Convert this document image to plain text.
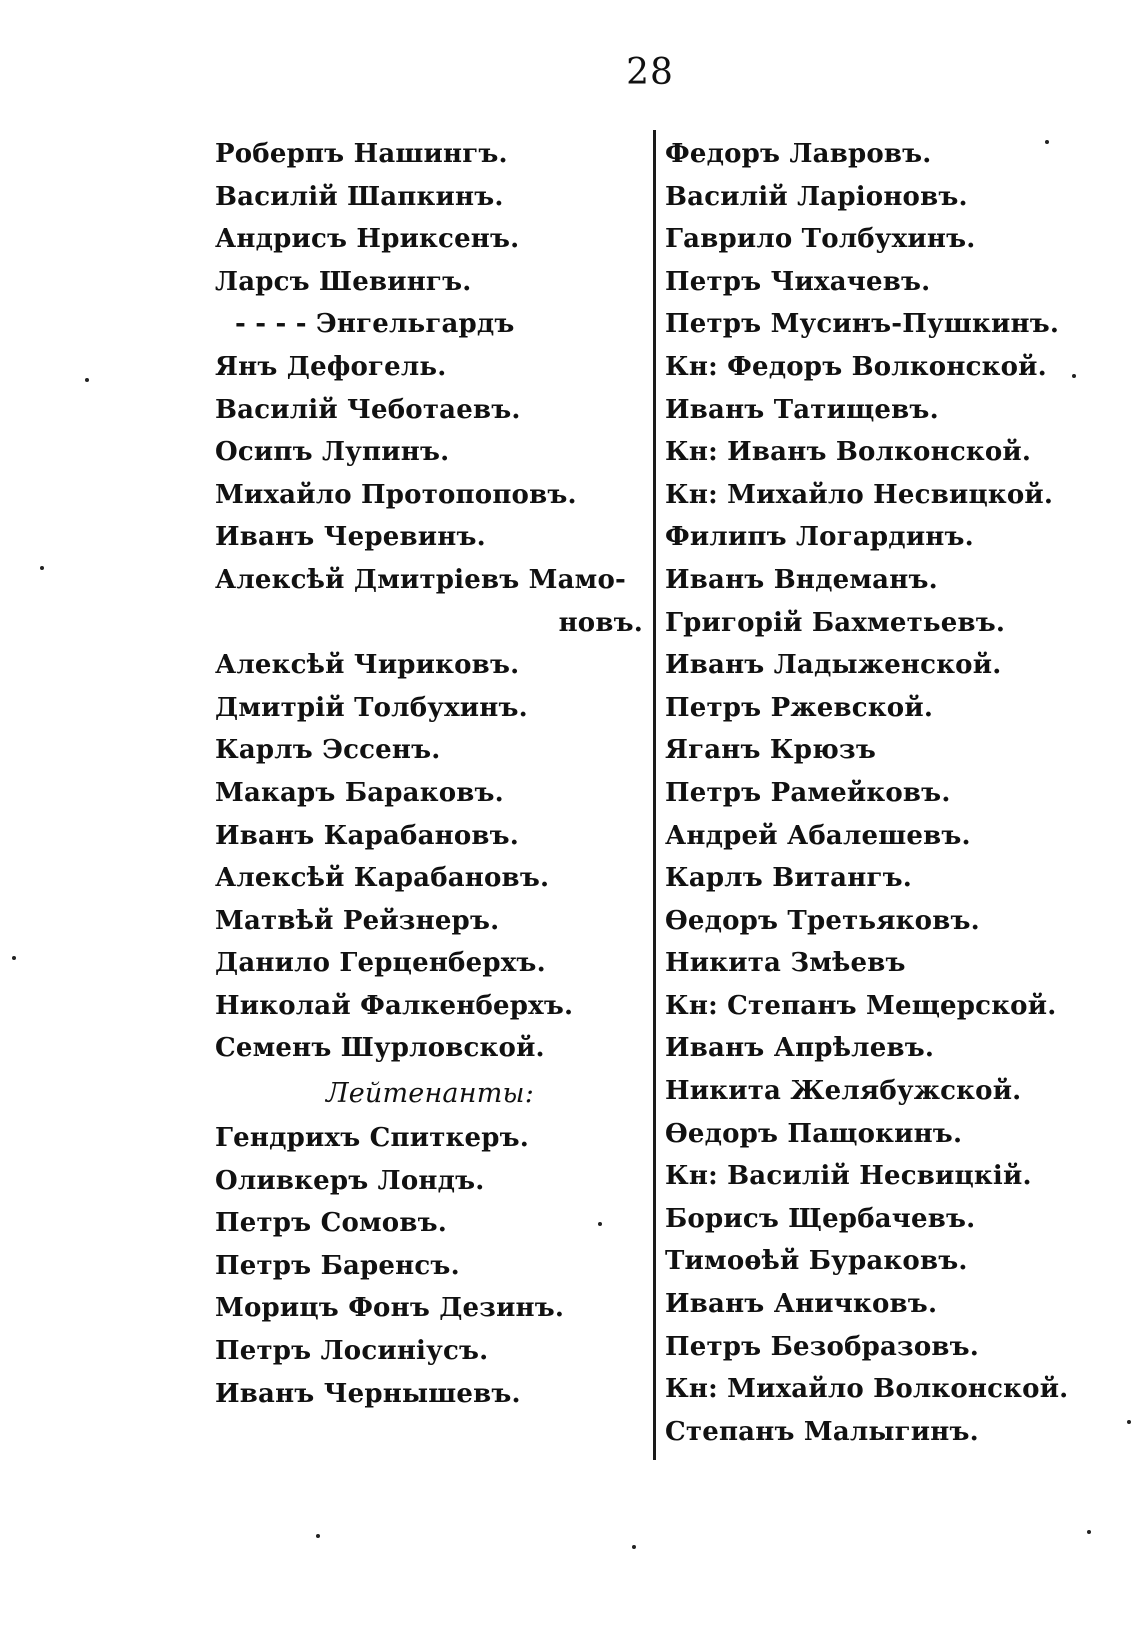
28
Роберпъ Нашингъ.
Василій Шапкинъ.
Андрисъ Нриксенъ.
Ларсъ Шевингъ.
- - - - Энгельгардъ
Янъ Дефогель.
Василій Чеботаевъ.
Осипъ Лупинъ.
Михайло Протопоповъ.
Иванъ Черевинъ.
Алексѣй Дмитріевъ Мамо-
новъ.
Алексѣй Чириковъ.
Дмитрій Толбухинъ.
Карлъ Эссенъ.
Макаръ Бараковъ.
Иванъ Карабановъ.
Алексѣй Карабановъ.
Матвѣй Рейзнеръ.
Данило Герценберхъ.
Николай Фалкенберхъ.
Семенъ Шурловской.
Лейтенанты:
Гендрихъ Спиткеръ.
Оливкеръ Лондъ.
Петръ Сомовъ.
Петръ Баренсъ.
Морицъ Фонъ Дезинъ.
Петръ Лосиніусъ.
Иванъ Чернышевъ.
Федоръ Лавровъ.
Василій Ларіоновъ.
Гаврило Толбухинъ.
Петръ Чихачевъ.
Петръ Мусинъ-Пушкинъ.
Кн: Федоръ Волконской.
Иванъ Татищевъ.
Кн: Иванъ Волконской.
Кн: Михайло Несвицкой.
Филипъ Логардинъ.
Иванъ Вндеманъ.
Григорій Бахметьевъ.
Иванъ Ладыженской.
Петръ Ржевской.
Яганъ Крюзъ
Петръ Рамейковъ.
Андрей Абалешевъ.
Карлъ Витангъ.
Ѳедоръ Третьяковъ.
Никита Змѣевъ
Кн: Степанъ Мещерской.
Иванъ Апрѣлевъ.
Никита Желябужской.
Ѳедоръ Пащокинъ.
Кн: Василій Несвицкій.
Борисъ Щербачевъ.
Тимоѳѣй Бураковъ.
Иванъ Аничковъ.
Петръ Безобразовъ.
Кн: Михайло Волконской.
Степанъ Малыгинъ.
